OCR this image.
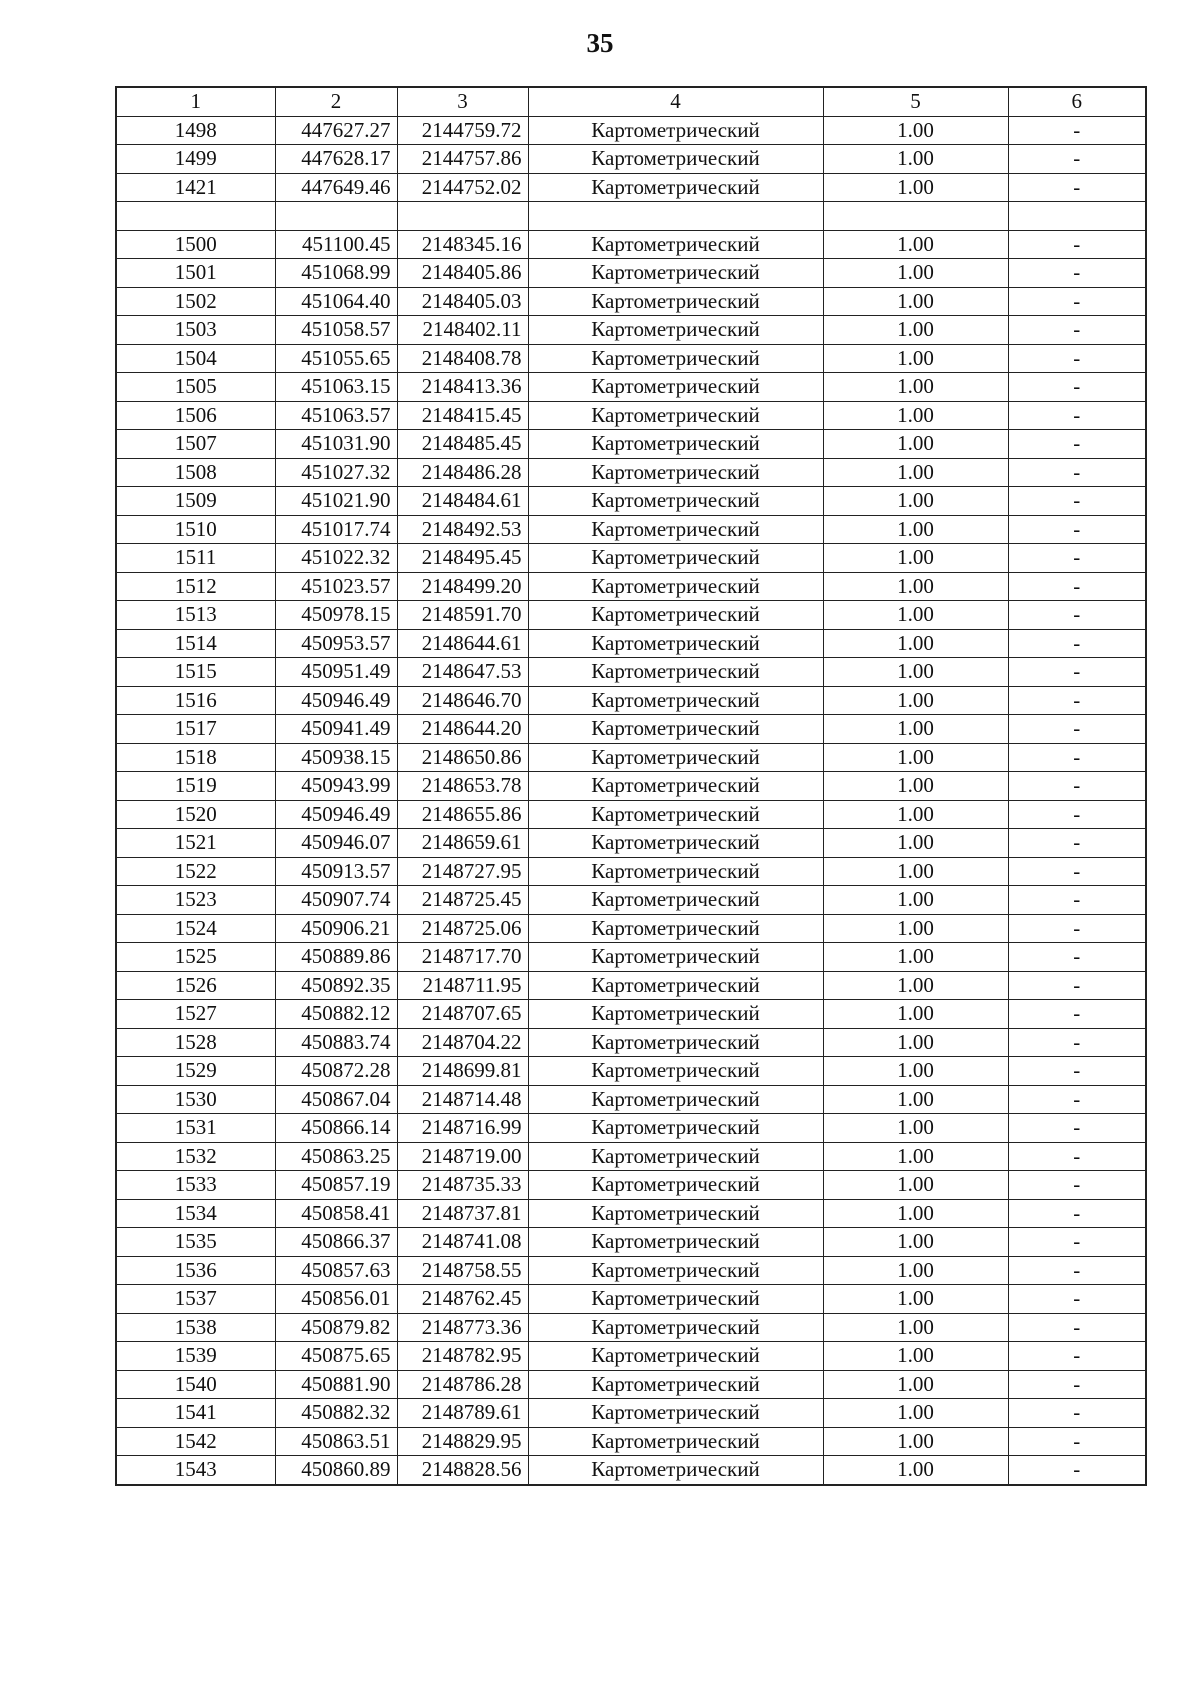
35
1	2	3	4	5	6
1498	447627.27	2144759.72	Картометрический	1.00	-
1499	447628.17	2144757.86	Картометрический	1.00	-
1421	447649.46	2144752.02	Картометрический	1.00	-

1500	451100.45	2148345.16	Картометрический	1.00	-
1501	451068.99	2148405.86	Картометрический	1.00	-
1502	451064.40	2148405.03	Картометрический	1.00	-
1503	451058.57	2148402.11	Картометрический	1.00	-
1504	451055.65	2148408.78	Картометрический	1.00	-
1505	451063.15	2148413.36	Картометрический	1.00	-
1506	451063.57	2148415.45	Картометрический	1.00	-
1507	451031.90	2148485.45	Картометрический	1.00	-
1508	451027.32	2148486.28	Картометрический	1.00	-
1509	451021.90	2148484.61	Картометрический	1.00	-
1510	451017.74	2148492.53	Картометрический	1.00	-
1511	451022.32	2148495.45	Картометрический	1.00	-
1512	451023.57	2148499.20	Картометрический	1.00	-
1513	450978.15	2148591.70	Картометрический	1.00	-
1514	450953.57	2148644.61	Картометрический	1.00	-
1515	450951.49	2148647.53	Картометрический	1.00	-
1516	450946.49	2148646.70	Картометрический	1.00	-
1517	450941.49	2148644.20	Картометрический	1.00	-
1518	450938.15	2148650.86	Картометрический	1.00	-
1519	450943.99	2148653.78	Картометрический	1.00	-
1520	450946.49	2148655.86	Картометрический	1.00	-
1521	450946.07	2148659.61	Картометрический	1.00	-
1522	450913.57	2148727.95	Картометрический	1.00	-
1523	450907.74	2148725.45	Картометрический	1.00	-
1524	450906.21	2148725.06	Картометрический	1.00	-
1525	450889.86	2148717.70	Картометрический	1.00	-
1526	450892.35	2148711.95	Картометрический	1.00	-
1527	450882.12	2148707.65	Картометрический	1.00	-
1528	450883.74	2148704.22	Картометрический	1.00	-
1529	450872.28	2148699.81	Картометрический	1.00	-
1530	450867.04	2148714.48	Картометрический	1.00	-
1531	450866.14	2148716.99	Картометрический	1.00	-
1532	450863.25	2148719.00	Картометрический	1.00	-
1533	450857.19	2148735.33	Картометрический	1.00	-
1534	450858.41	2148737.81	Картометрический	1.00	-
1535	450866.37	2148741.08	Картометрический	1.00	-
1536	450857.63	2148758.55	Картометрический	1.00	-
1537	450856.01	2148762.45	Картометрический	1.00	-
1538	450879.82	2148773.36	Картометрический	1.00	-
1539	450875.65	2148782.95	Картометрический	1.00	-
1540	450881.90	2148786.28	Картометрический	1.00	-
1541	450882.32	2148789.61	Картометрический	1.00	-
1542	450863.51	2148829.95	Картометрический	1.00	-
1543	450860.89	2148828.56	Картометрический	1.00	-
